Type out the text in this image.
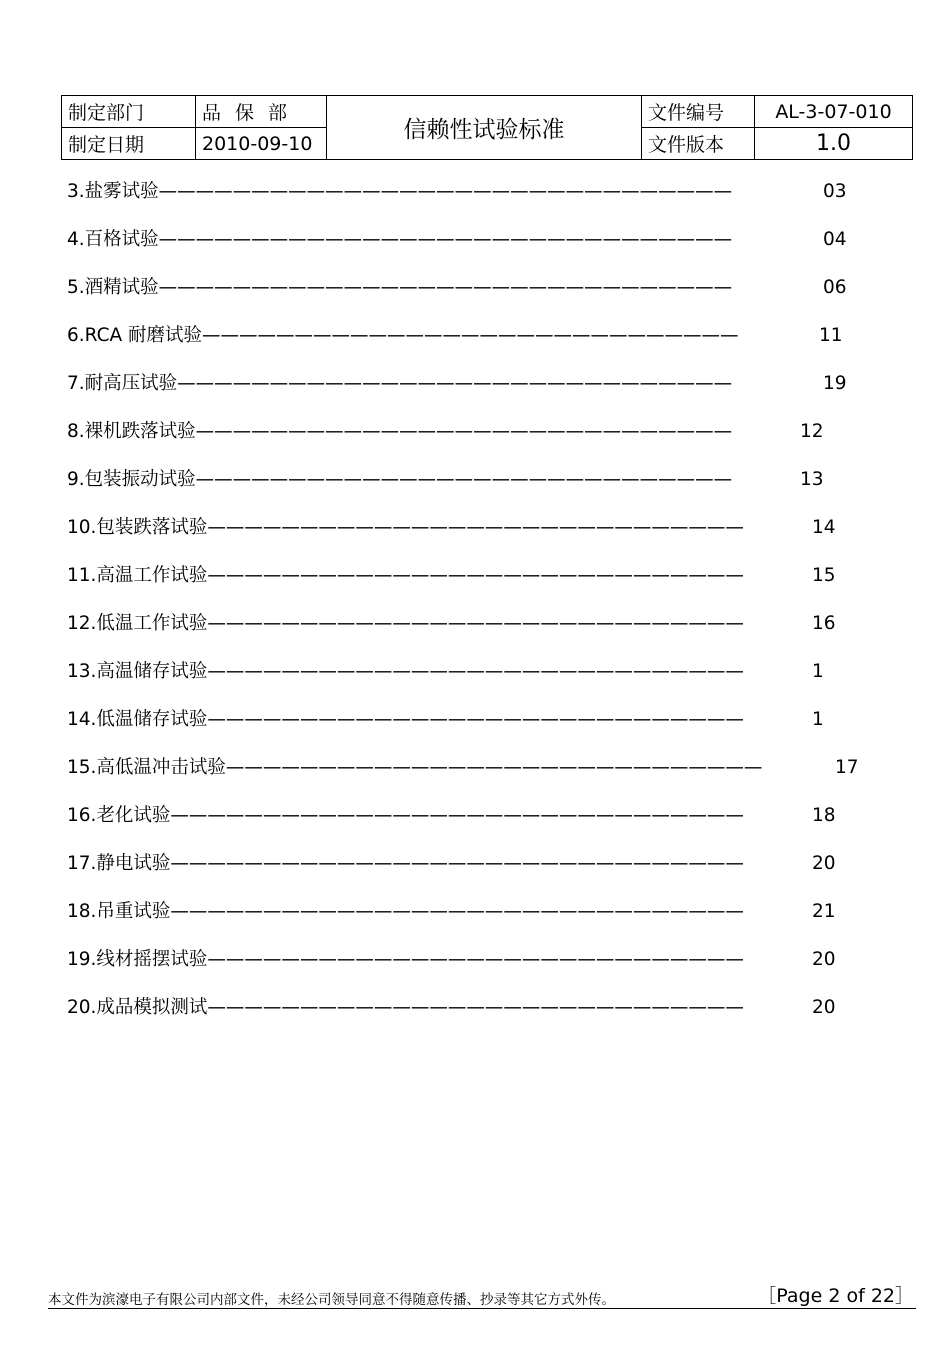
制定部门	品保部	信赖性试验标准	文件编号	AL-3-07-010
制定日期	2010-09-10		文件版本	1.0
3.盐雾试验———————————————————————————————	03
4.百格试验———————————————————————————————	04
5.酒精试验———————————————————————————————	06
6.RCA 耐磨试验—————————————————————————————	11
7.耐高压试验——————————————————————————————	19
8.裸机跌落试验—————————————————————————————	12
9.包装振动试验—————————————————————————————	13
10.包装跌落试验—————————————————————————————	14
11.高温工作试验—————————————————————————————	15
12.低温工作试验—————————————————————————————	16
13.高温储存试验—————————————————————————————	1
14.低温储存试验—————————————————————————————	1
15.高低温冲击试验—————————————————————————————	17
16.老化试验———————————————————————————————	18
17.静电试验———————————————————————————————	20
18.吊重试验———————————————————————————————	21
19.线材摇摆试验—————————————————————————————	20
20.成品模拟测试—————————————————————————————	20
本文件为滨濠电子有限公司内部文件，未经公司领导同意不得随意传播、抄录等其它方式外传。	［Page 2 of 22］
